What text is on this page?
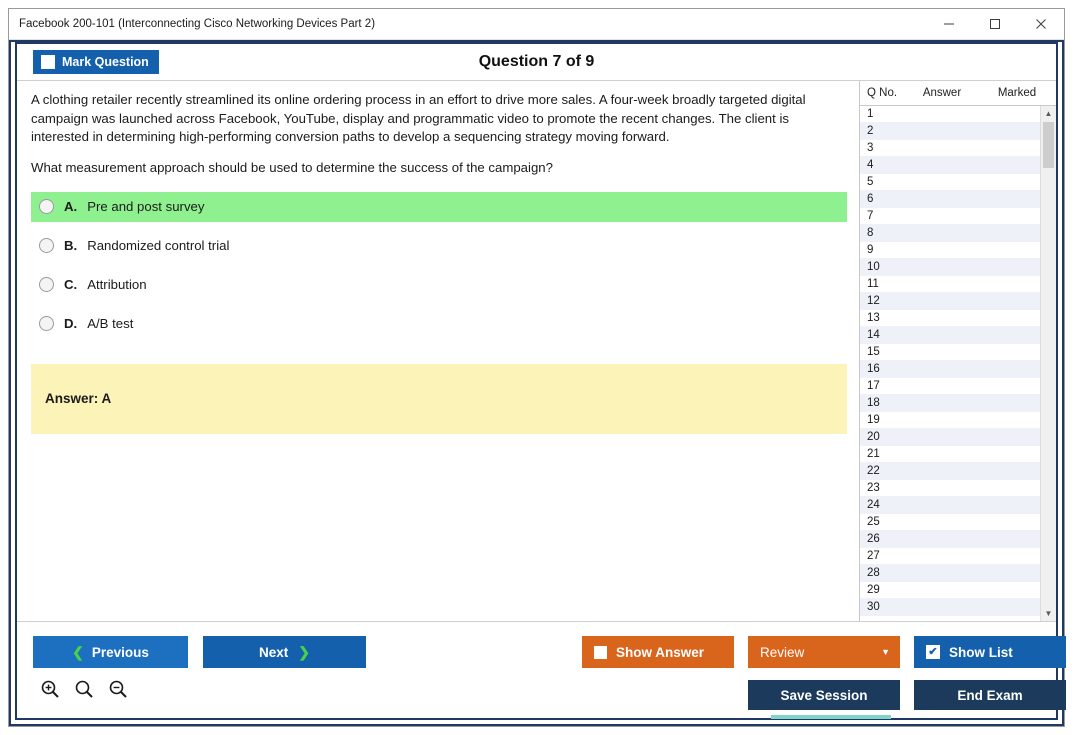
Facebook 200-101 (Interconnecting Cisco Networking Devices Part 2)
Mark Question	Question 7 of 9

A clothing retailer recently streamlined its online ordering process in an effort to drive more sales. A four-week broadly targeted digital campaign was launched across Facebook, YouTube, display and programmatic video to promote the recent changes. The client is interested in determining high-performing conversion paths to develop a sequencing strategy moving forward.

What measurement approach should be used to determine the success of the campaign?

A. Pre and post survey
B. Randomized control trial
C. Attribution
D. A/B test
Answer: A
Q No.	Answer	Marked
1
2
3
4
5
6
7
8
9
10
11
12
13
14
15
16
17
18
19
20
21
22
23
24
25
26
27
28
29
30
▲
▼
❮ Previous	Next ❯	Show Answer	Review	▼	✔ Show List
Save Session	End Exam
